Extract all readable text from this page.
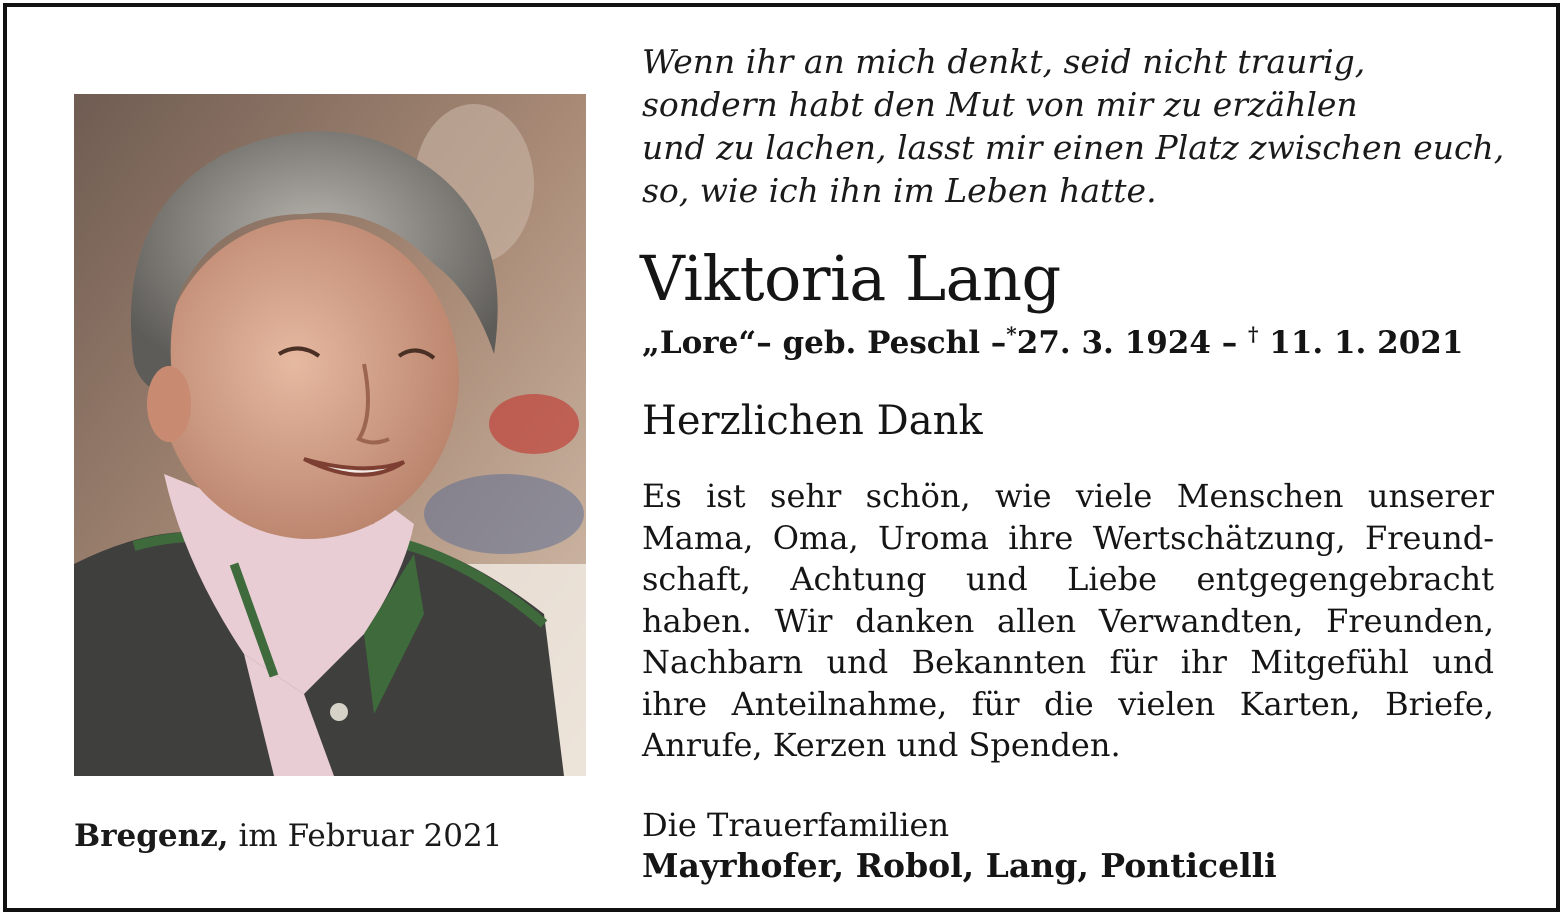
Bregenz, im Februar 2021
Wenn ihr an mich denkt, seid nicht traurig,
sondern habt den Mut von mir zu erzählen
und zu lachen, lasst mir einen Platz zwischen euch,
so, wie ich ihn im Leben hatte.
Viktoria Lang
„Lore“– geb. Peschl –*27. 3. 1924 – † 11. 1. 2021
Herzlichen Dank
Es ist sehr schön, wie viele Menschen unserer
Mama, Oma, Uroma ihre Wertschätzung, Freund-
schaft, Achtung und Liebe entgegengebracht
haben. Wir danken allen Verwandten, Freunden,
Nachbarn und Bekannten für ihr Mitgefühl und
ihre Anteilnahme, für die vielen Karten, Briefe,
Anrufe, Kerzen und Spenden.
Die Trauerfamilien
Mayrhofer, Robol, Lang, Ponticelli
